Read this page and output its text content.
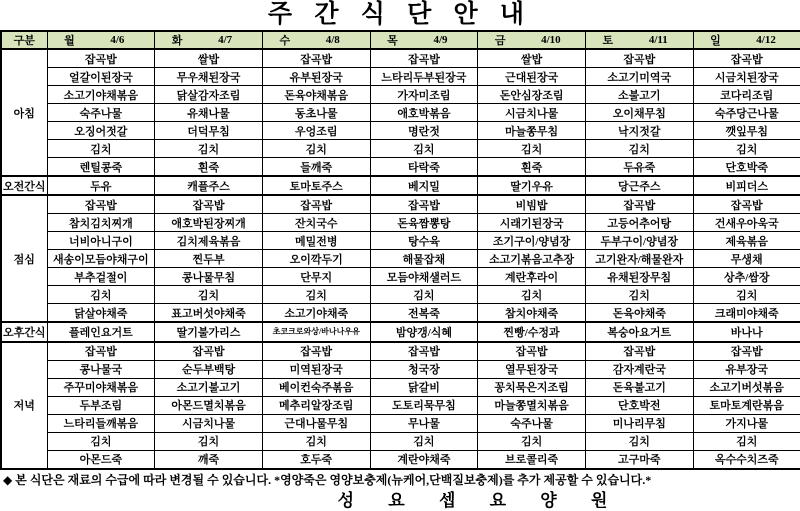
주 간 식 단 안 내
구분	월 4/6	화 4/7	수 4/8	목 4/9	금 4/10	토 4/11	일 4/12

아침	잡곡밥	쌀밥	잡곡밥	잡곡밥	쌀밥	잡곡밥	잡곡밥
	얼갈이된장국	무우채된장국	유부된장국	느타리두부된장국	근대된장국	소고기미역국	시금치된장국
	소고기야채볶음	닭살감자조림	돈육야채볶음	가자미조림	돈안심장조림	소불고기	코다리조림
	숙주나물	유채나물	동초나물	애호박볶음	시금치나물	오이채무침	숙주당근나물
	오징어젓갈	더덕무침	우엉조림	명란젓	마늘쫑무침	낙지젓갈	깻잎무침
	김치	김치	김치	김치	김치	김치	김치
	렌틸콩죽	흰죽	들깨죽	타락죽	흰죽	두유죽	단호박죽
오전간식	두유	캐플주스	토마토주스	베지밀	딸기우유	당근주스	비피더스
점심	잡곡밥	잡곡밥	잡곡밥	잡곡밥	비빔밥	잡곡밥	잡곡밥
	참치김치찌개	애호박된장찌개	잔치국수	돈육짬뽕탕	시래기된장국	고등어추어탕	건새우아욱국
	너비아니구이	김치제육볶음	메밀전병	탕수육	조기구이/양념장	두부구이/양념장	제육볶음
	새송이모듬야채구이	찐두부	오이깍두기	해물잡채	소고기볶음고추장	고기완자/해물완자	무생채
	부추겉절이	콩나물무침	단무지	모듬야채샐러드	계란후라이	유채된장무침	상추/쌈장
	김치	김치	김치	김치	김치	김치	김치
	닭살야채죽	표고버섯야채죽	소고기야채죽	전복죽	참치야채죽	돈육야채죽	크래미야채죽
오후간식	플레인요거트	딸기불가리스	초코크로와상/바나나우유	밤양갱/식혜	찐빵/수정과	복숭아요거트	바나나
저녁	잡곡밥	잡곡밥	잡곡밥	잡곡밥	잡곡밥	잡곡밥	잡곡밥
	콩나물국	순두부백탕	미역된장국	청국장	열무된장국	감자계란국	유부장국
	주꾸미야채볶음	소고기불고기	베이컨숙주볶음	닭갈비	꽁치묵은지조림	돈육불고기	소고기버섯볶음
	두부조림	아몬드멸치볶음	메추리알장조림	도토리묵무침	마늘쫑멸치볶음	단호박전	토마토계란볶음
	느타리들깨볶음	시금치나물	근대나물무침	무나물	숙주나물	미나리무침	가지나물
	김치	김치	김치	김치	김치	김치	김치
	아몬드죽	깨죽	호두죽	계란야채죽	브로콜리죽	고구마죽	옥수수치즈죽
◆ 본 식단은 재료의 수급에 따라 변경될 수 있습니다. *영양죽은 영양보충제(뉴케어,단백질보충제)를 추가 제공할 수 있습니다.*
성 요 셉 요 양 원
